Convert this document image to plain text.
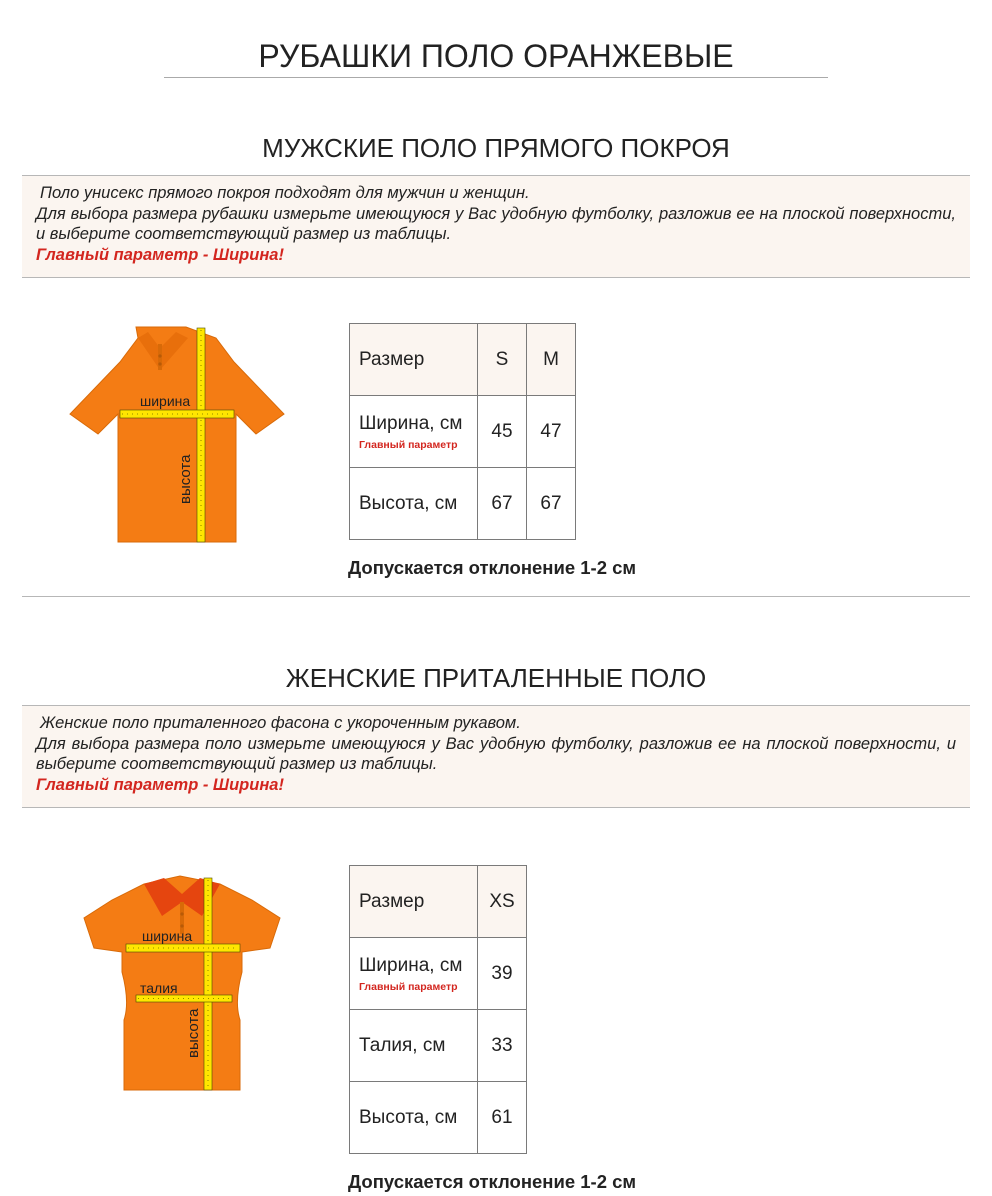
РУБАШКИ ПОЛО ОРАНЖЕВЫЕ
МУЖСКИЕ ПОЛО ПРЯМОГО ПОКРОЯ
Поло унисекс прямого покроя подходят для мужчин и женщин.
Для выбора размера рубашки измерьте имеющуюся у Вас удобную футболку, разложив ее на плоской поверхности, и выберите соответствующий размер из таблицы.
Главный параметр - Ширина!
ширина
высота
Размер	S	M
Ширина, см
Главный параметр	45	47
Высота, см	67	67
Допускается отклонение 1-2 см
ЖЕНСКИЕ ПРИТАЛЕННЫЕ ПОЛО
Женские поло приталенного фасона с укороченным рукавом.
Для выбора размера поло измерьте имеющуюся у Вас удобную футболку, разложив ее на плоской поверхности, и выберите соответствующий размер из таблицы.
Главный параметр - Ширина!
ширина
талия
высота
Размер	XS
Ширина, см
Главный параметр	39
Талия, см	33
Высота, см	61
Допускается отклонение 1-2 см
